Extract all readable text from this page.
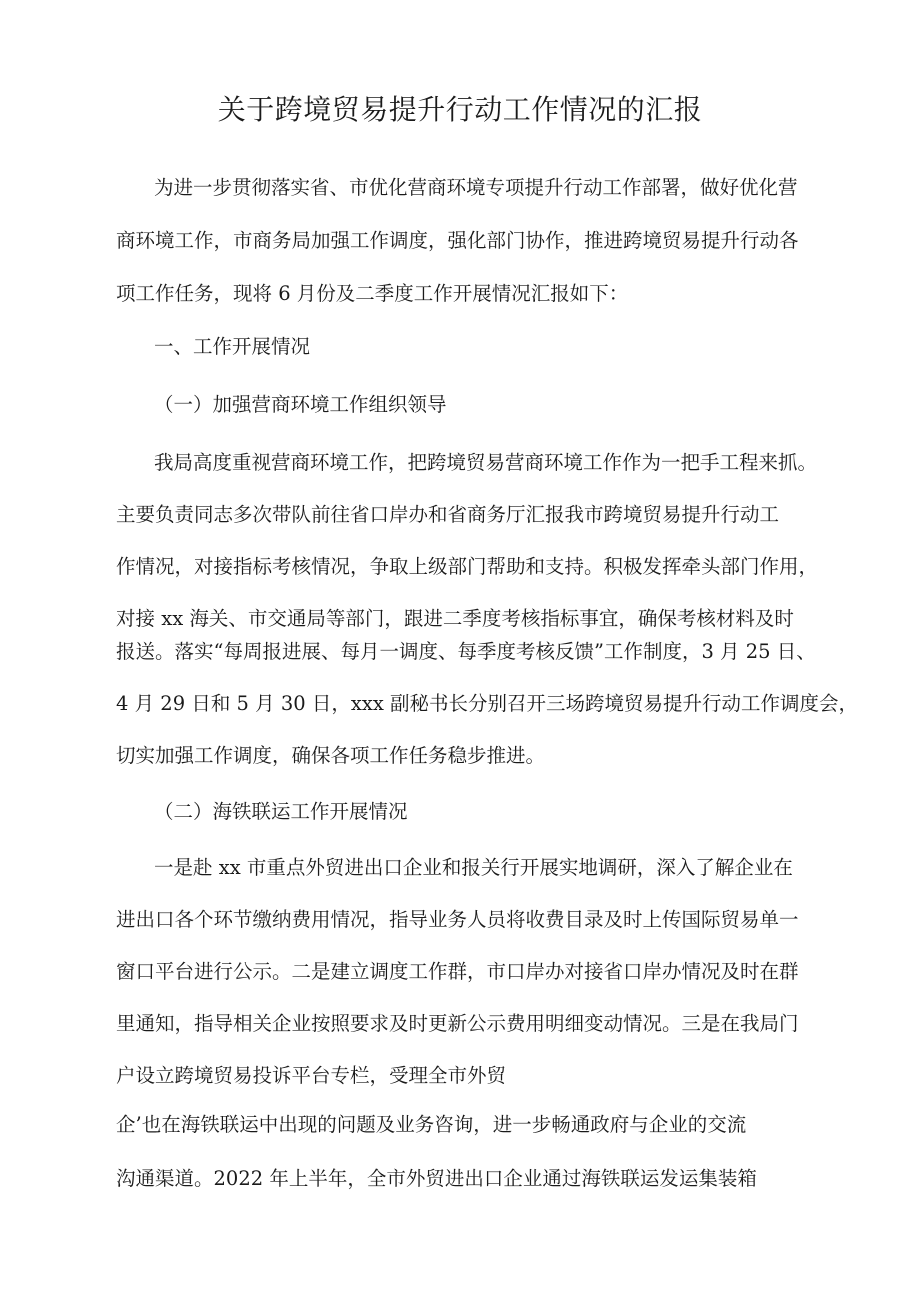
关于跨境贸易提升行动工作情况的汇报
为进一步贯彻落实省、市优化营商环境专项提升行动工作部署，做好优化营
商环境工作，市商务局加强工作调度，强化部门协作，推进跨境贸易提升行动各
项工作任务，现将 6 月份及二季度工作开展情况汇报如下：
一、工作开展情况
（一）加强营商环境工作组织领导
我局高度重视营商环境工作，把跨境贸易营商环境工作作为一把手工程来抓。
主要负责同志多次带队前往省口岸办和省商务厅汇报我市跨境贸易提升行动工
作情况，对接指标考核情况，争取上级部门帮助和支持。积极发挥牵头部门作用，
对接 xx 海关、市交通局等部门，跟进二季度考核指标事宜，确保考核材料及时
报送。落实“每周报进展、每月一调度、每季度考核反馈”工作制度，3 月 25 日、
4 月 29 日和 5 月 30 日，xxx 副秘书长分别召开三场跨境贸易提升行动工作调度会，
切实加强工作调度，确保各项工作任务稳步推进。
（二）海铁联运工作开展情况
一是赴 xx 市重点外贸进出口企业和报关行开展实地调研，深入了解企业在
进出口各个环节缴纳费用情况，指导业务人员将收费目录及时上传国际贸易单一
窗口平台进行公示。二是建立调度工作群，市口岸办对接省口岸办情况及时在群
里通知，指导相关企业按照要求及时更新公示费用明细变动情况。三是在我局门
户设立跨境贸易投诉平台专栏，受理全市外贸
企’也在海铁联运中出现的问题及业务咨询，进一步畅通政府与企业的交流
沟通渠道。2022 年上半年，全市外贸进出口企业通过海铁联运发运集装箱
